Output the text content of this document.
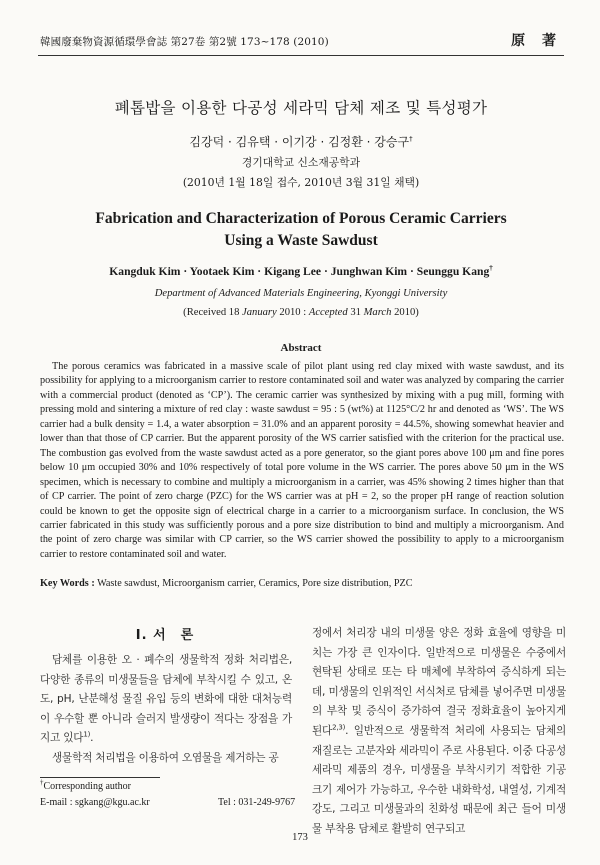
韓國廢棄物資源循環學會誌 第27卷 第2號 173~178 (2010)	原 著
폐톱밥을 이용한 다공성 세라믹 담체 제조 및 특성평가
김강덕 · 김유택 · 이기강 · 김정환 · 강승구†
경기대학교 신소재공학과
(2010년 1월 18일 접수, 2010년 3월 31일 채택)
Fabrication and Characterization of Porous Ceramic Carriers
Using a Waste Sawdust
Kangduk Kim · Yootaek Kim · Kigang Lee · Junghwan Kim · Seunggu Kang†
Department of Advanced Materials Engineering, Kyonggi University
(Received 18 January 2010 : Accepted 31 March 2010)
Abstract
The porous ceramics was fabricated in a massive scale of pilot plant using red clay mixed with waste sawdust, and its possibility for applying to a microorganism carrier to restore contaminated soil and water was analyzed by comparing the carrier with a commercial product (denoted as ‘CP’). The ceramic carrier was synthesized by mixing with a pug mill, forming with pressing mold and sintering a mixture of red clay : waste sawdust = 95 : 5 (wt%) at 1125°C/2 hr and denoted as ‘WS’. The WS carrier had a bulk density = 1.4, a water absorption = 31.0% and an apparent porosity = 44.5%, showing somewhat heavier and lower than that those of CP carrier. But the apparent porosity of the WS carrier satisfied with the criterion for the practical use. The combustion gas evolved from the waste sawdust acted as a pore generator, so the giant pores above 100 μm and fine pores below 10 μm occupied 30% and 10% respectively of total pore volume in the WS carrier. The pores above 50 μm in the WS specimen, which is necessary to combine and multiply a microorganism in a carrier, was 45% showing 2 times higher than that of CP carrier. The point of zero charge (PZC) for the WS carrier was at pH = 2, so the proper pH range of reaction solution could be known to get the opposite sign of electrical charge in a carrier to a microorganism surface. In conclusion, the WS carrier fabricated in this study was sufficiently porous and a pore size distribution to bind and multiply a microorganism. And the point of zero charge was similar with CP carrier, so the WS carrier showed the possibility to apply to a microorganism carrier to restore contaminated soil and water.
Key Words : Waste sawdust, Microorganism carrier, Ceramics, Pore size distribution, PZC
I. 서　론

담체를 이용한 오 · 폐수의 생물학적 정화 처리법은, 다양한 종류의 미생물들을 담체에 부착시킬 수 있고, 온도, pH, 난분해성 물질 유입 등의 변화에 대한 대처능력이 우수할 뿐 아니라 슬러지 발생량이 적다는 장점을 가지고 있다$^{1)}$.

생물학적 처리법을 이용하여 오염물을 제거하는 공

정에서 처리장 내의 미생물 양은 정화 효율에 영향을 미치는 가장 큰 인자이다. 일반적으로 미생물은 수중에서 현탁된 상태로 또는 타 매체에 부착하여 증식하게 되는데, 미생물의 인위적인 서식처로 담체를 넣어주면 미생물의 부착 및 증식이 증가하여 결국 정화효율이 높아지게 된다$^{2,3)}$. 일반적으로 생물학적 처리에 사용되는 담체의 재질로는 고분자와 세라믹이 주로 사용된다. 이중 다공성 세라믹 제품의 경우, 미생물을 부착시키기 적합한 기공 크기 제어가 가능하고, 우수한 내화학성, 내열성, 기계적 강도, 그리고 미생물과의 친화성 때문에 최근 들어 미생물 부착용 담체로 활발히 연구되고

†Corresponding author
E-mail : sgkang@kgu.ac.kr	Tel : 031-249-9767
173
